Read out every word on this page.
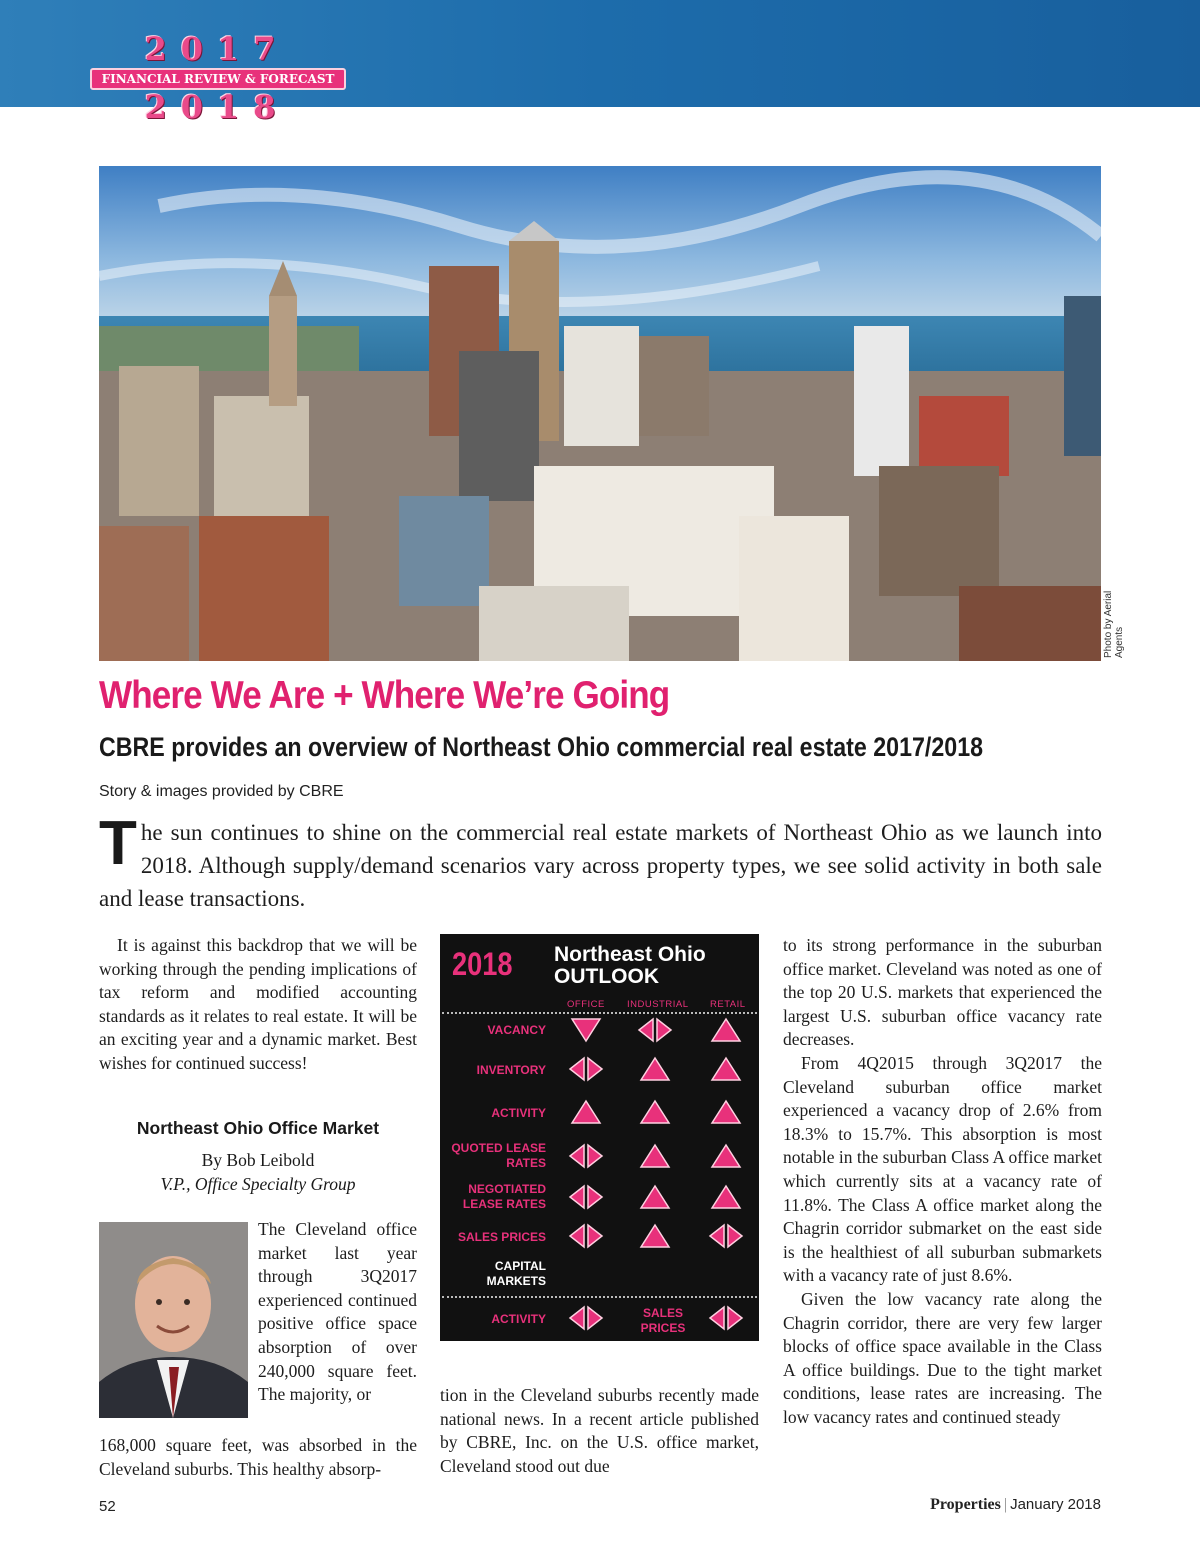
2017
FINANCIAL REVIEW & FORECAST
2018
Photo by Aerial Agents
Where We Are + Where We’re Going
CBRE provides an overview of Northeast Ohio commercial real estate 2017/2018
Story & images provided by CBRE
The sun continues to shine on the commercial real estate markets of Northeast Ohio as we launch into 2018. Although supply/demand scenarios vary across property types, we see solid activity in both sale and lease transactions.

It is against this backdrop that we will be working through the pending implications of tax reform and modified accounting standards as it relates to real estate. It will be an exciting year and a dynamic market. Best wishes for continued success!

Northeast Ohio Office Market
By Bob Leibold
V.P., Office Specialty Group

The Cleveland office market last year through 3Q2017 experienced continued positive office space absorption of over 240,000 square feet. The majority, or

168,000 square feet, was absorbed in the Cleveland suburbs. This healthy absorp-

2018 Northeast Ohio
OUTLOOK
OFFICE INDUSTRIAL RETAIL
VACANCY
INVENTORY
ACTIVITY
QUOTED LEASE RATES
NEGOTIATED LEASE RATES
SALES PRICES
CAPITAL MARKETS
ACTIVITY	SALES PRICES

tion in the Cleveland suburbs recently made national news. In a recent article published by CBRE, Inc. on the U.S. office market, Cleveland stood out due

to its strong performance in the suburban office market. Cleveland was noted as one of the top 20 U.S. markets that experienced the largest U.S. suburban office vacancy rate decreases.

From 4Q2015 through 3Q2017 the Cleveland suburban office market experienced a vacancy drop of 2.6% from 18.3% to 15.7%. This absorption is most notable in the suburban Class A office market which currently sits at a vacancy rate of 11.8%. The Class A office market along the Chagrin corridor submarket on the east side is the healthiest of all suburban submarkets with a vacancy rate of just 8.6%.

Given the low vacancy rate along the Chagrin corridor, there are very few larger blocks of office space available in the Class A office buildings. Due to the tight market conditions, lease rates are increasing. The low vacancy rates and continued steady

52	Properties | January 2018
